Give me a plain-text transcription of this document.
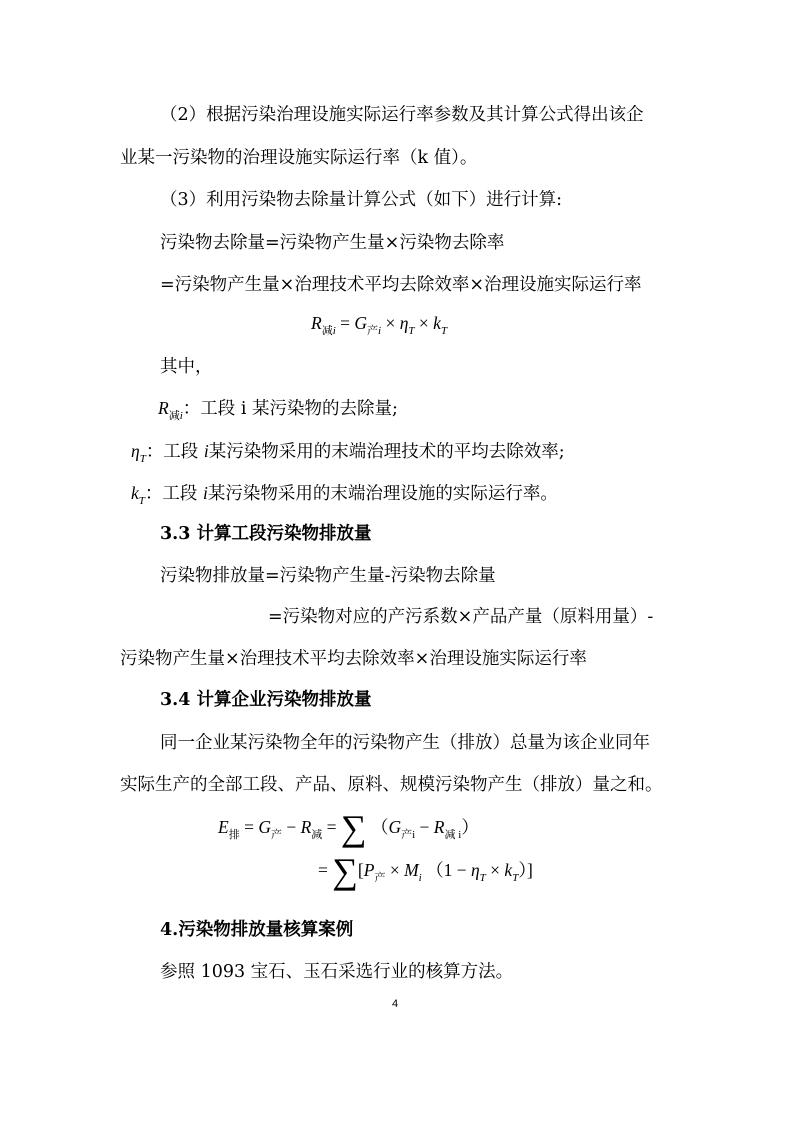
（2）根据污染治理设施实际运行率参数及其计算公式得出该企
业某一污染物的治理设施实际运行率（k 值）。
（3）利用污染物去除量计算公式（如下）进行计算:
污染物去除量=污染物产生量×污染物去除率
=污染物产生量×治理技术平均去除效率×治理设施实际运行率
$R_{减i} = G_{产i} \times \eta_T \times k_T$
其中，
$R_{减i}$：工段 i 某污染物的去除量;
$\eta_T$：工段 i某污染物采用的末端治理技术的平均去除效率;
$k_T$：工段 i某污染物采用的末端治理设施的实际运行率。
3.3 计算工段污染物排放量
污染物排放量=污染物产生量-污染物去除量
=污染物对应的产污系数×产品产量（原料用量）-
污染物产生量×治理技术平均去除效率×治理设施实际运行率
3.4 计算企业污染物排放量
同一企业某污染物全年的污染物产生（排放）总量为该企业同年
实际生产的全部工段、产品、原料、规模污染物产生（排放）量之和。
$E_排 = G_产 - R_减$ = ∑ $(G_{产i} - R_{减 i})$
= $\sum[P_产 \times M_i$ $(1 - \eta_T \times k_T)$]
4.污染物排放量核算案例
参照 1093 宝石、玉石采选行业的核算方法。
4
